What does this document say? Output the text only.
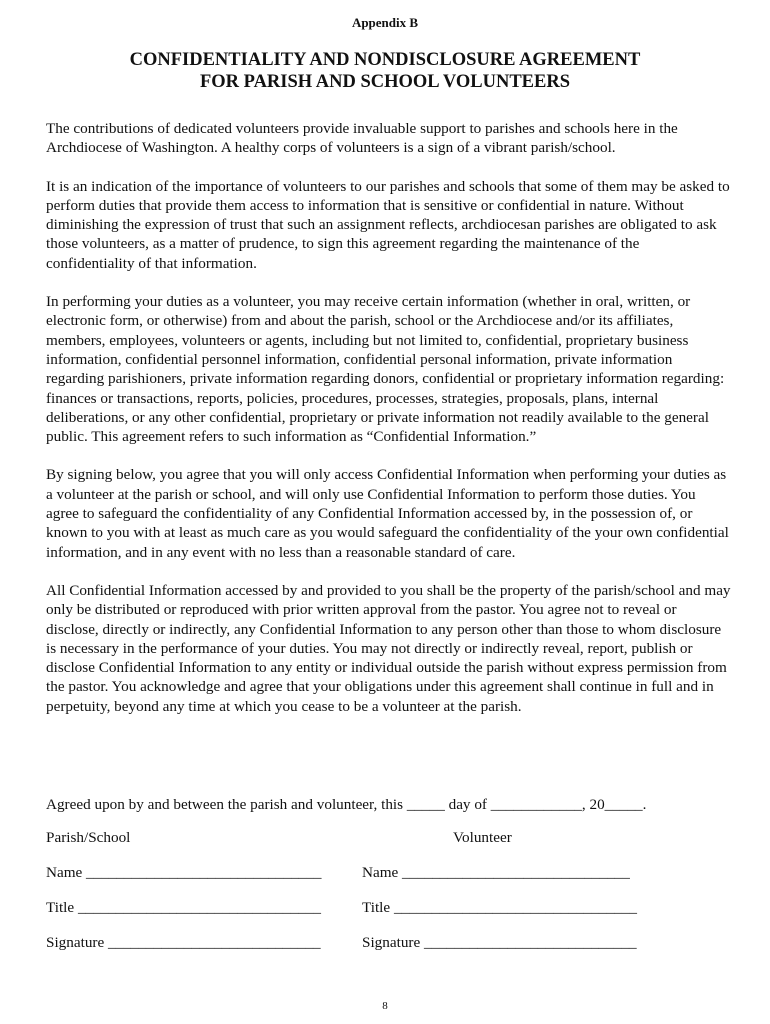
Appendix B
CONFIDENTIALITY AND NONDISCLOSURE AGREEMENT
FOR PARISH AND SCHOOL VOLUNTEERS

The contributions of dedicated volunteers provide invaluable support to parishes and schools here in the Archdiocese of Washington. A healthy corps of volunteers is a sign of a vibrant parish/school.

It is an indication of the importance of volunteers to our parishes and schools that some of them may be asked to perform duties that provide them access to information that is sensitive or confidential in nature. Without diminishing the expression of trust that such an assignment reflects, archdiocesan parishes are obligated to ask those volunteers, as a matter of prudence, to sign this agreement regarding the maintenance of the confidentiality of that information.

In performing your duties as a volunteer, you may receive certain information (whether in oral, written, or electronic form, or otherwise) from and about the parish, school or the Archdiocese and/or its affiliates, members, employees, volunteers or agents, including but not limited to, confidential, proprietary business information, confidential personnel information, confidential personal information, private information regarding parishioners, private information regarding donors, confidential or proprietary information regarding: finances or transactions, reports, policies, procedures, processes, strategies, proposals, plans, internal deliberations, or any other confidential, proprietary or private information not readily available to the general public. This agreement refers to such information as “Confidential Information.”

By signing below, you agree that you will only access Confidential Information when performing your duties as a volunteer at the parish or school, and will only use Confidential Information to perform those duties. You agree to safeguard the confidentiality of any Confidential Information accessed by, in the possession of, or known to you with at least as much care as you would safeguard the confidentiality of the your own confidential information, and in any event with no less than a reasonable standard of care.

All Confidential Information accessed by and provided to you shall be the property of the parish/school and may only be distributed or reproduced with prior written approval from the pastor. You agree not to reveal or disclose, directly or indirectly, any Confidential Information to any person other than those to whom disclosure is necessary in the performance of your duties. You may not directly or indirectly reveal, report, publish or disclose Confidential Information to any entity or individual outside the parish without express permission from the pastor. You acknowledge and agree that your obligations under this agreement shall continue in full and in perpetuity, beyond any time at which you cease to be a volunteer at the parish.

Agreed upon by and between the parish and volunteer, this _____ day of ____________, 20_____.
Parish/School	Volunteer
Name _______________________________	Name ______________________________
Title ________________________________	Title ________________________________
Signature ____________________________	Signature ____________________________
8
